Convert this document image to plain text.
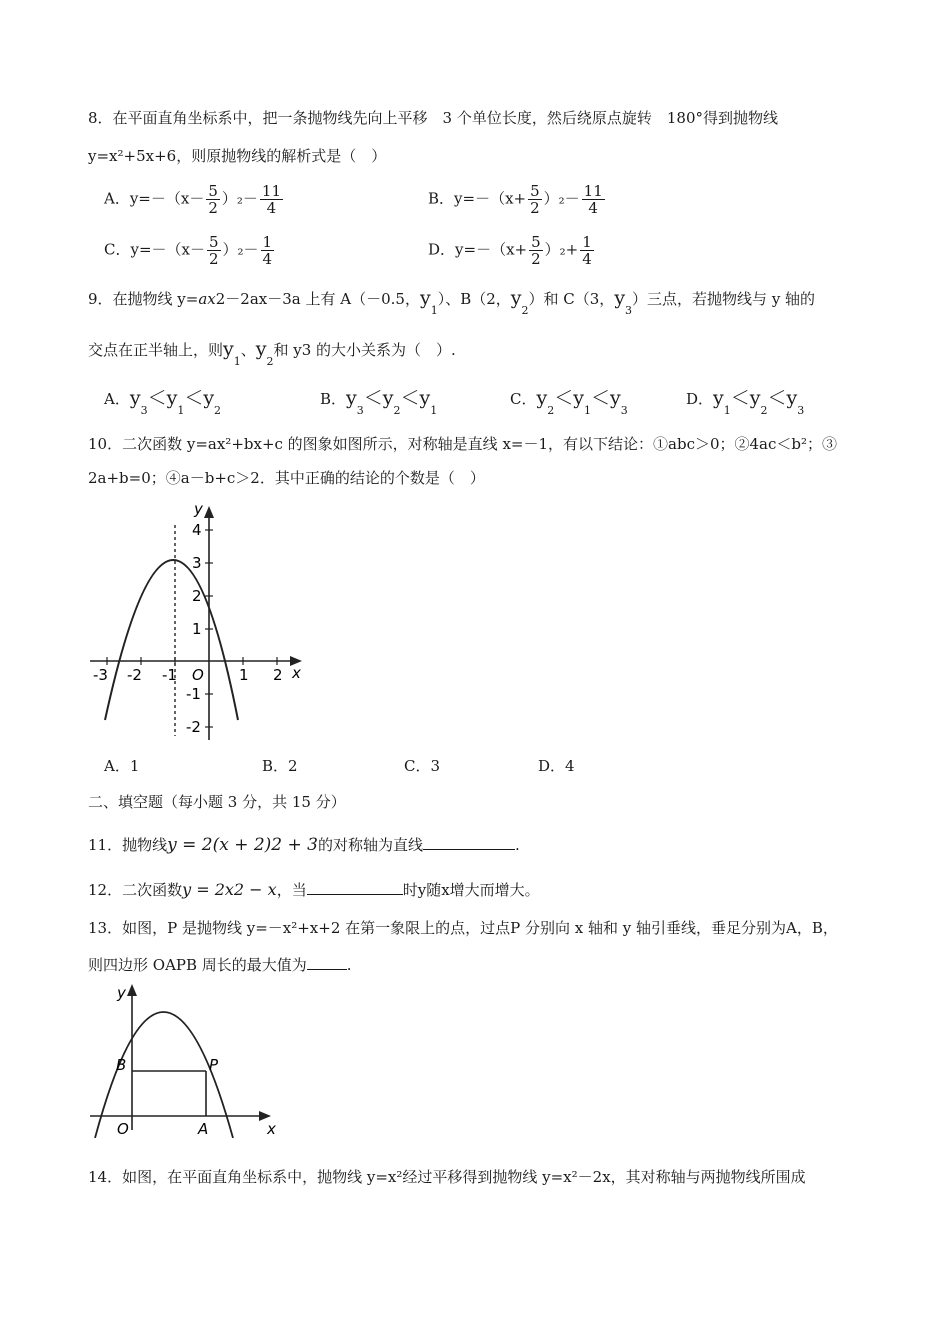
8．在平面直角坐标系中，把一条抛物线先向上平移　3 个单位长度，然后绕原点旋转　180°得到抛物线
y=x²+5x+6，则原抛物线的解析式是（　）
A．$y=-(x- \frac{5}{2} )_2- \frac{11}{4}$	B．$y=-(x+ \frac{5}{2} )_2- \frac{11}{4}$
C．$y=-(x- \frac{5}{2} )_2- \frac{1}{4}$	D．$y=-(x+ \frac{5}{2} )_2+ \frac{1}{4}$
9．在抛物线 y=ax2－2ax－3a 上有 A（－0.5，$y_1$）、B（2，$y_2$）和 C（3，$y_3$）三点，若抛物线与 y 轴的
交点在正半轴上，则$y_1$、$y_2$和 y3 的大小关系为（　）.
A．$y_3<y_1<y_2$
B．$y_3<y_2<y_1$
C．$y_2<y_1<y_3$
D．$y_1<y_2<y_3$
10．二次函数 y=ax²+bx+c 的图象如图所示，对称轴是直线 x=－1，有以下结论：①abc＞0；②4ac＜b²；③
2a+b=0；④a－b+c＞2．其中正确的结论的个数是（　）
y
x
O
-3 -2 -1	1 2
4
3
2
1
-1
-2
A．1	B．2	C．3	D．4
二、填空题（每小题 3 分，共 15 分）
11．抛物线y = 2(x + 2)2 + 3的对称轴为直线	.
12．二次函数y = 2x2 − x，当	时y随x增大而增大。
13．如图，P 是抛物线 y=－x²+x+2 在第一象限上的点，过点P 分别向 x 轴和 y 轴引垂线，垂足分别为A，B，
则四边形 OAPB 周长的最大值为	.
y
x
O
B	P
A
14．如图，在平面直角坐标系中，抛物线 y=x²经过平移得到抛物线 y=x²－2x，其对称轴与两抛物线所围成
